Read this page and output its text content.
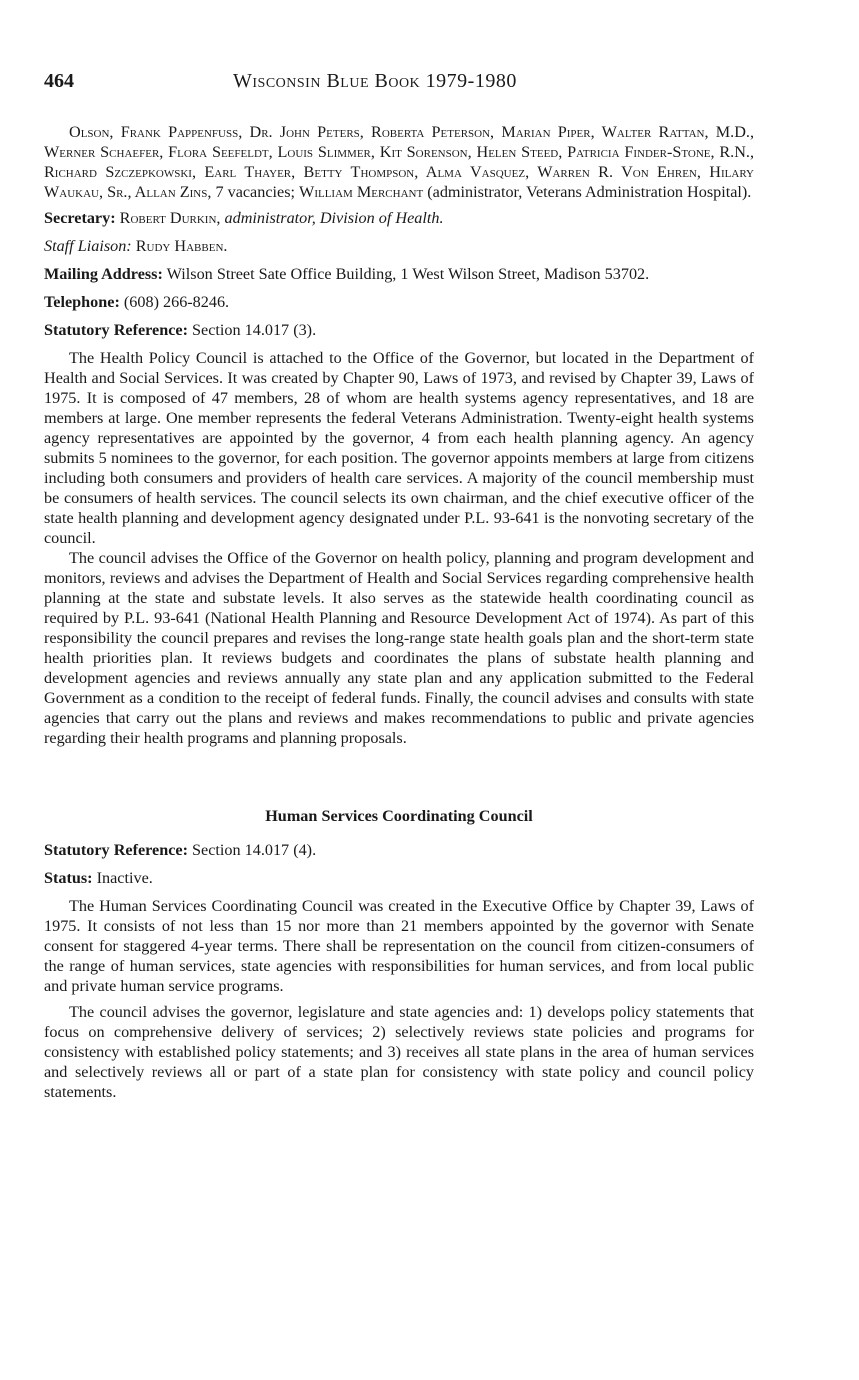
464	Wisconsin Blue Book 1979-1980

Olson, Frank Pappenfuss, Dr. John Peters, Roberta Peterson, Marian Piper, Walter Rattan, M.D., Werner Schaefer, Flora Seefeldt, Louis Slimmer, Kit Sorenson, Helen Steed, Patricia Finder-Stone, R.N., Richard Szczepkowski, Earl Thayer, Betty Thompson, Alma Vasquez, Warren R. Von Ehren, Hilary Waukau, Sr., Allan Zins, 7 vacancies; William Merchant (administrator, Veterans Administration Hospital).

Secretary: Robert Durkin, administrator, Division of Health.
Staff Liaison: Rudy Habben.
Mailing Address: Wilson Street Sate Office Building, 1 West Wilson Street, Madison 53702.
Telephone: (608) 266-8246.
Statutory Reference: Section 14.017 (3).

The Health Policy Council is attached to the Office of the Governor, but located in the Department of Health and Social Services. It was created by Chapter 90, Laws of 1973, and revised by Chapter 39, Laws of 1975. It is composed of 47 members, 28 of whom are health systems agency representatives, and 18 are members at large. One member represents the federal Veterans Administration. Twenty-eight health systems agency representatives are appointed by the governor, 4 from each health planning agency. An agency submits 5 nominees to the governor, for each position. The governor appoints members at large from citizens including both consumers and providers of health care services. A majority of the council membership must be consumers of health services. The council selects its own chairman, and the chief executive officer of the state health planning and development agency designated under P.L. 93-641 is the nonvoting secretary of the council.

The council advises the Office of the Governor on health policy, planning and program development and monitors, reviews and advises the Department of Health and Social Services regarding comprehensive health planning at the state and substate levels. It also serves as the statewide health coordinating council as required by P.L. 93-641 (National Health Planning and Resource Development Act of 1974). As part of this responsibility the council prepares and revises the long-range state health goals plan and the short-term state health priorities plan. It reviews budgets and coordinates the plans of substate health planning and development agencies and reviews annually any state plan and any application submitted to the Federal Government as a condition to the receipt of federal funds. Finally, the council advises and consults with state agencies that carry out the plans and reviews and makes recommendations to public and private agencies regarding their health programs and planning proposals.

Human Services Coordinating Council
Statutory Reference: Section 14.017 (4).
Status: Inactive.

The Human Services Coordinating Council was created in the Executive Office by Chapter 39, Laws of 1975. It consists of not less than 15 nor more than 21 members appointed by the governor with Senate consent for staggered 4-year terms. There shall be representation on the council from citizen-consumers of the range of human services, state agencies with responsibilities for human services, and from local public and private human service programs.

The council advises the governor, legislature and state agencies and: 1) develops policy statements that focus on comprehensive delivery of services; 2) selectively reviews state policies and programs for consistency with established policy statements; and 3) receives all state plans in the area of human services and selectively reviews all or part of a state plan for consistency with state policy and council policy statements.
